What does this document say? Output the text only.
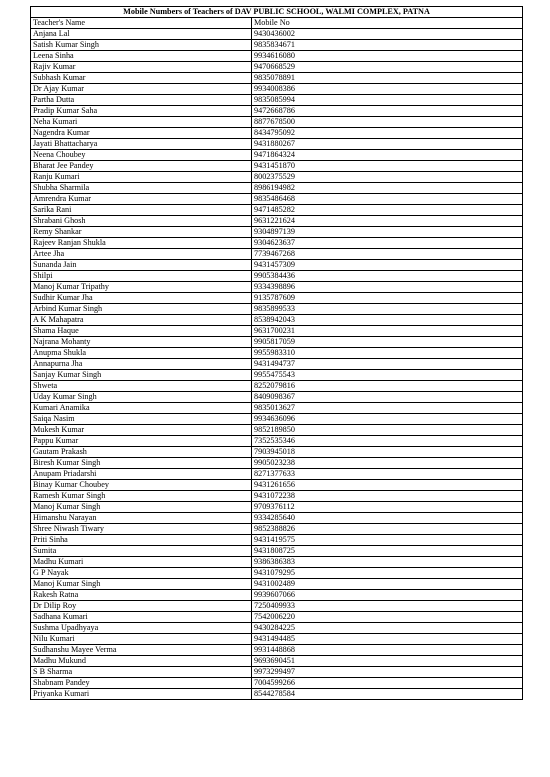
Mobile Numbers of Teachers of DAV PUBLIC SCHOOL, WALMI COMPLEX, PATNA	
Teacher's Name	Mobile No
Anjana Lal	9430436002
Satish Kumar Singh	9835834671
Leena Sinha	9934616080
Rajiv Kumar	9470668529
Subhash Kumar	9835078891
Dr Ajay Kumar	9934008386
Partha Dutta	9835085994
Pradip Kumar Saha	9472668786
Neha Kumari	8877678500
Nagendra Kumar	8434795092
Jayati Bhattacharya	9431880267
Neena Choubey	9471864324
Bharat Jee Pandey	9431451870
Ranju Kumari	8002375529
Shubha Sharmila	8986194982
Amrendra Kumar	9835486468
Sarika Rani	9471485282
Shrabani Ghosh	9631221624
Remy Shankar	9304897139
Rajeev Ranjan Shukla	9304623637
Artee Jha	7739467268
Sunanda Jain	9431457309
Shilpi	9905384436
Manoj Kumar Tripathy	9334398896
Sudhir Kumar Jha	9135787609
Arbind Kumar Singh	9835899533
A K Mahapatra	8538942043
Shama Haque	9631700231
Najrana Mohanty	9905817059
Anupma Shukla	9955983310
Annapurna Jha	9431494737
Sanjay Kumar Singh	9955475543
Shweta	8252079816
Uday Kumar Singh	8409098367
Kumari Anamika	9835013627
Saiqa Nasim	9934636096
Mukesh Kumar	9852189850
Pappu Kumar	7352535346
Gautam Prakash	7903945018
Biresh Kumar Singh	9905023238
Anupam Priadarshi	8271377633
Binay Kumar Choubey	9431261656
Ramesh Kumar Singh	9431072238
Manoj Kumar Singh	9709376112
Himanshu Narayan	9334285640
Shree Niwash Tiwary	9852388826
Priti Sinha	9431419575
Sumita	9431808725
Madhu Kumari	9386386383
G P Nayak	9431079295
Manoj Kumar Singh	9431002489
Rakesh Ratna	9939607066
Dr Dilip Roy	7250409933
Sadhana Kumari	7542006220
Sushma Upadhyaya	9430284225
Nilu Kumari	9431494485
Sudhanshu Mayee Verma	9931448868
Madhu Mukund	9693690451
S B Sharma	9973299497
Shabnam Pandey	7004599266
Priyanka Kumari	8544278584
